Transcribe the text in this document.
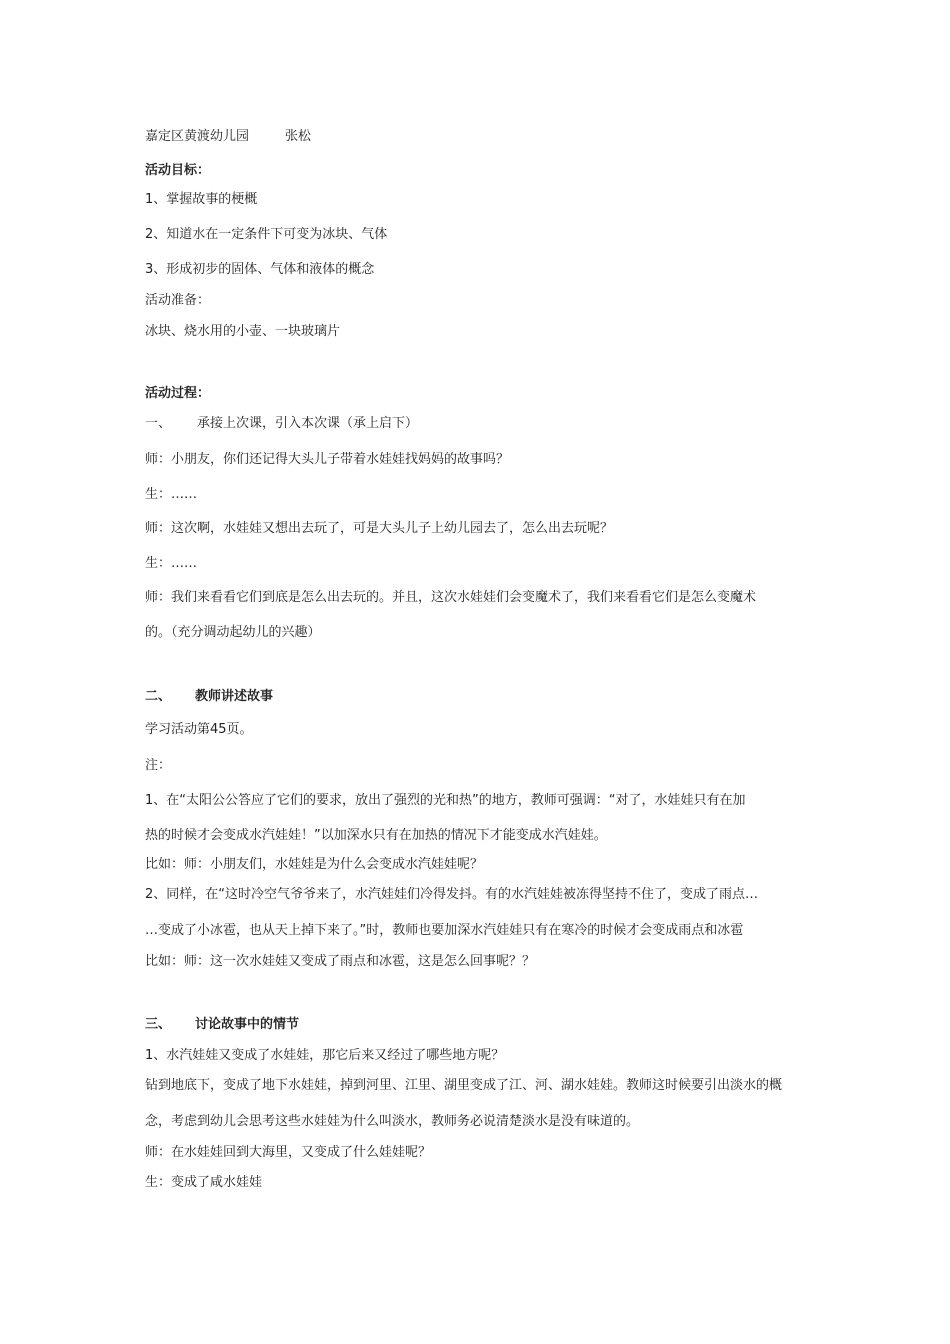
嘉定区黄渡幼儿园	张松
活动目标：
1、掌握故事的梗概
2、知道水在一定条件下可变为冰块、气体
3、形成初步的固体、气体和液体的概念
活动准备：
冰块、烧水用的小壶、一块玻璃片
活动过程：
一、 承接上次课，引入本次课（承上启下）
师：小朋友，你们还记得大头儿子带着水娃娃找妈妈的故事吗？
生：……
师：这次啊，水娃娃又想出去玩了，可是大头儿子上幼儿园去了，怎么出去玩呢？
生：……
师：我们来看看它们到底是怎么出去玩的。并且，这次水娃娃们会变魔术了，我们来看看它们是怎么变魔术
的。（充分调动起幼儿的兴趣）
二、 教师讲述故事
学习活动第45页。
注：
1、在“太阳公公答应了它们的要求，放出了强烈的光和热”的地方，教师可强调：“对了，水娃娃只有在加
热的时候才会变成水汽娃娃！”以加深水只有在加热的情况下才能变成水汽娃娃。
比如：师：小朋友们，水娃娃是为什么会变成水汽娃娃呢？
2、同样，在“这时冷空气爷爷来了，水汽娃娃们冷得发抖。有的水汽娃娃被冻得坚持不住了，变成了雨点…
…变成了小冰雹，也从天上掉下来了。”时，教师也要加深水汽娃娃只有在寒冷的时候才会变成雨点和冰雹
比如：师：这一次水娃娃又变成了雨点和冰雹，这是怎么回事呢？？
三、 讨论故事中的情节
1、水汽娃娃又变成了水娃娃，那它后来又经过了哪些地方呢？
钻到地底下，变成了地下水娃娃，掉到河里、江里、湖里变成了江、河、湖水娃娃。教师这时候要引出淡水的概
念，考虑到幼儿会思考这些水娃娃为什么叫淡水，教师务必说清楚淡水是没有味道的。
师：在水娃娃回到大海里，又变成了什么娃娃呢？
生：变成了咸水娃娃
